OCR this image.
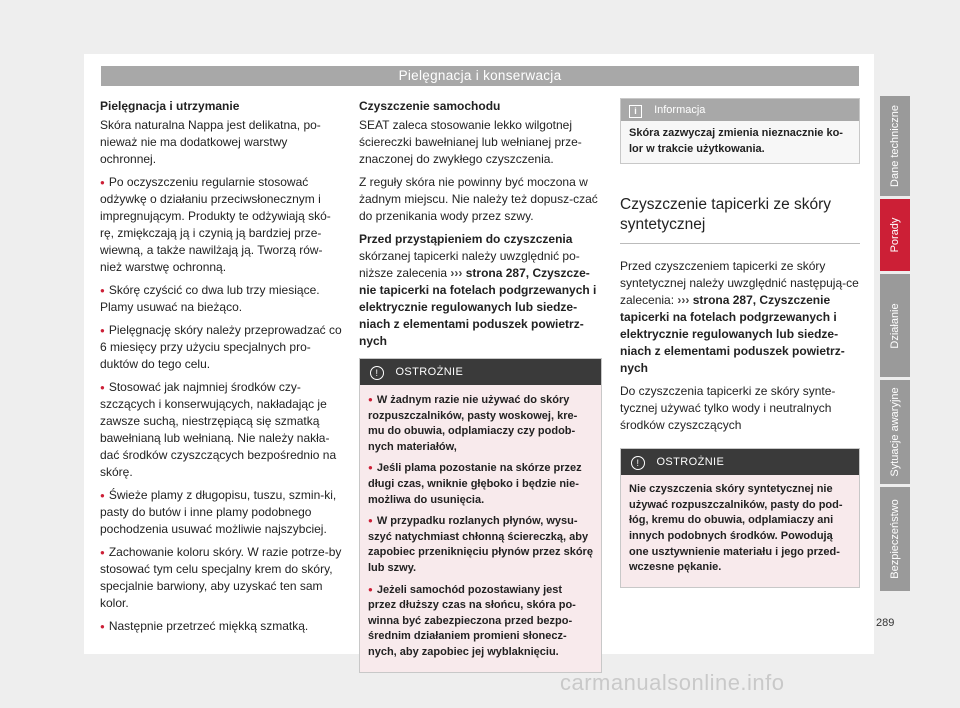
Pielęgnacja i konserwacja

Pielęgnacja i utrzymanie

Skóra naturalna Nappa jest delikatna, po-nieważ nie ma dodatkowej warstwy ochronnej.

● Po oczyszczeniu regularnie stosować odżywkę o działaniu przeciwsłonecznym i impregnującym. Produkty te odżywiają skó-rę, zmiękczają ją i czynią ją bardziej prze-wiewną, a także nawilżają ją. Tworzą rów-nież warstwę ochronną.

● Skórę czyścić co dwa lub trzy miesiące. Plamy usuwać na bieżąco.

● Pielęgnację skóry należy przeprowadzać co 6 miesięcy przy użyciu specjalnych pro-duktów do tego celu.

● Stosować jak najmniej środków czy-szczących i konserwujących, nakładając je zawsze suchą, niestrzępiącą się szmatką bawełnianą lub wełnianą. Nie należy nakła-dać środków czyszczących bezpośrednio na skórę.

● Świeże plamy z długopisu, tuszu, szmin-ki, pasty do butów i inne plamy podobnego pochodzenia usuwać możliwie najszybciej.

● Zachowanie koloru skóry. W razie potrze-by stosować tym celu specjalny krem do skóry, specjalnie barwiony, aby uzyskać ten sam kolor.

● Następnie przetrzeć miękką szmatką.

Czyszczenie samochodu

SEAT zaleca stosowanie lekko wilgotnej ściereczki bawełnianej lub wełnianej prze-znaczonej do zwykłego czyszczenia.

Z reguły skóra nie powinny być moczona w żadnym miejscu. Nie należy też dopusz-czać do przenikania wody przez szwy.

Przed przystąpieniem do czyszczenia skórzanej tapicerki należy uwzględnić po-niższe zalecenia ››› strona 287, Czyszcze-nie tapicerki na fotelach podgrzewanych i elektrycznie regulowanych lub siedze-niach z elementami poduszek powietrz-nych

! OSTROŻNIE

● W żadnym razie nie używać do skóry rozpuszczalników, pasty woskowej, kre-mu do obuwia, odplamiaczy czy podob-nych materiałów,

● Jeśli plama pozostanie na skórze przez długi czas, wniknie głęboko i będzie nie-możliwa do usunięcia.

● W przypadku rozlanych płynów, wysu-szyć natychmiast chłonną ściereczką, aby zapobiec przeniknięciu płynów przez skórę lub szwy.

● Jeżeli samochód pozostawiany jest przez dłuższy czas na słońcu, skóra po-winna być zabezpieczona przed bezpo-średnim działaniem promieni słonecz-nych, aby zapobiec jej wyblaknięciu.

i Informacja
Skóra zazwyczaj zmienia nieznacznie ko-lor w trakcie użytkowania.
Czyszczenie tapicerki ze skóry syntetycznej

Przed czyszczeniem tapicerki ze skóry syntetycznej należy uwzględnić następują-ce zalecenia: ››› strona 287, Czyszczenie tapicerki na fotelach podgrzewanych i elektrycznie regulowanych lub siedze-niach z elementami poduszek powietrz-nych

Do czyszczenia tapicerki ze skóry synte-tycznej używać tylko wody i neutralnych środków czyszczących

! OSTROŻNIE

Nie czyszczenia skóry syntetycznej nie używać rozpuszczalników, pasty do pod-łóg, kremu do obuwia, odplamiaczy ani innych podobnych środków. Powodują one usztywnienie materiału i jego przed-wczesne pękanie.

Dane techniczne
Porady
Działanie
Sytuacje awaryjne
Bezpieczeństwo
289
carmanualsonline.info
